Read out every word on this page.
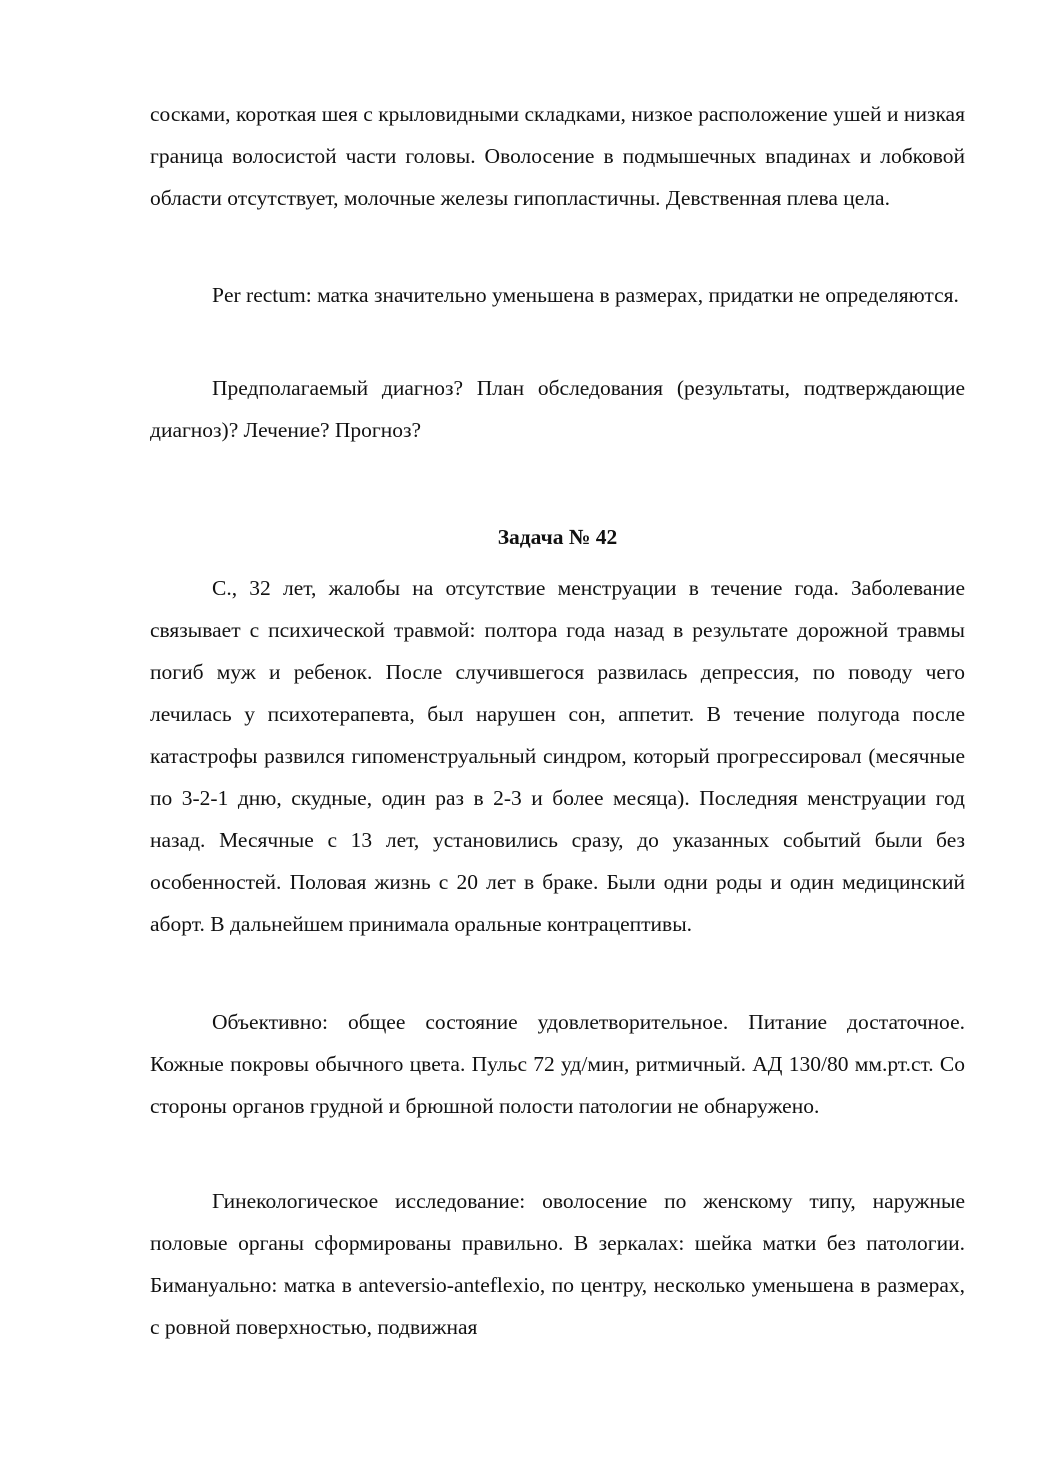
сосками, короткая шея с крыловидными складками, низкое расположение ушей и низкая граница волосистой части головы. Оволосение в подмышечных впадинах и лобковой области отсутствует, молочные железы гипопластичны. Девственная плева цела.

Per rectum: матка значительно уменьшена в размерах, придатки не определяются.

Предполагаемый диагноз? План обследования (результаты, подтверждающие диагноз)? Лечение? Прогноз?

Задача № 42

С., 32 лет, жалобы на отсутствие менструации в течение года. Заболевание связывает с психической травмой: полтора года назад в результате дорожной травмы погиб муж и ребенок. После случившегося развилась депрессия, по поводу чего лечилась у психотерапевта, был нарушен сон, аппетит. В течение полугода после катастрофы развился гипоменструальный синдром, который прогрессировал (месячные по 3-2-1 дню, скудные, один раз в 2-3 и более месяца). Последняя менструации год назад. Месячные с 13 лет, установились сразу, до указанных событий были без особенностей. Половая жизнь с 20 лет в браке. Были одни роды и один медицинский аборт. В дальнейшем принимала оральные контрацептивы.

Объективно: общее состояние удовлетворительное. Питание достаточное. Кожные покровы обычного цвета. Пульс 72 уд/мин, ритмичный. АД 130/80 мм.рт.ст. Со стороны органов грудной и брюшной полости патологии не обнаружено.

Гинекологическое исследование: оволосение по женскому типу, наружные половые органы сформированы правильно. В зеркалах: шейка матки без патологии. Бимануально: матка в anteversio-anteflexio, по центру, несколько уменьшена в размерах, с ровной поверхностью, подвижная
